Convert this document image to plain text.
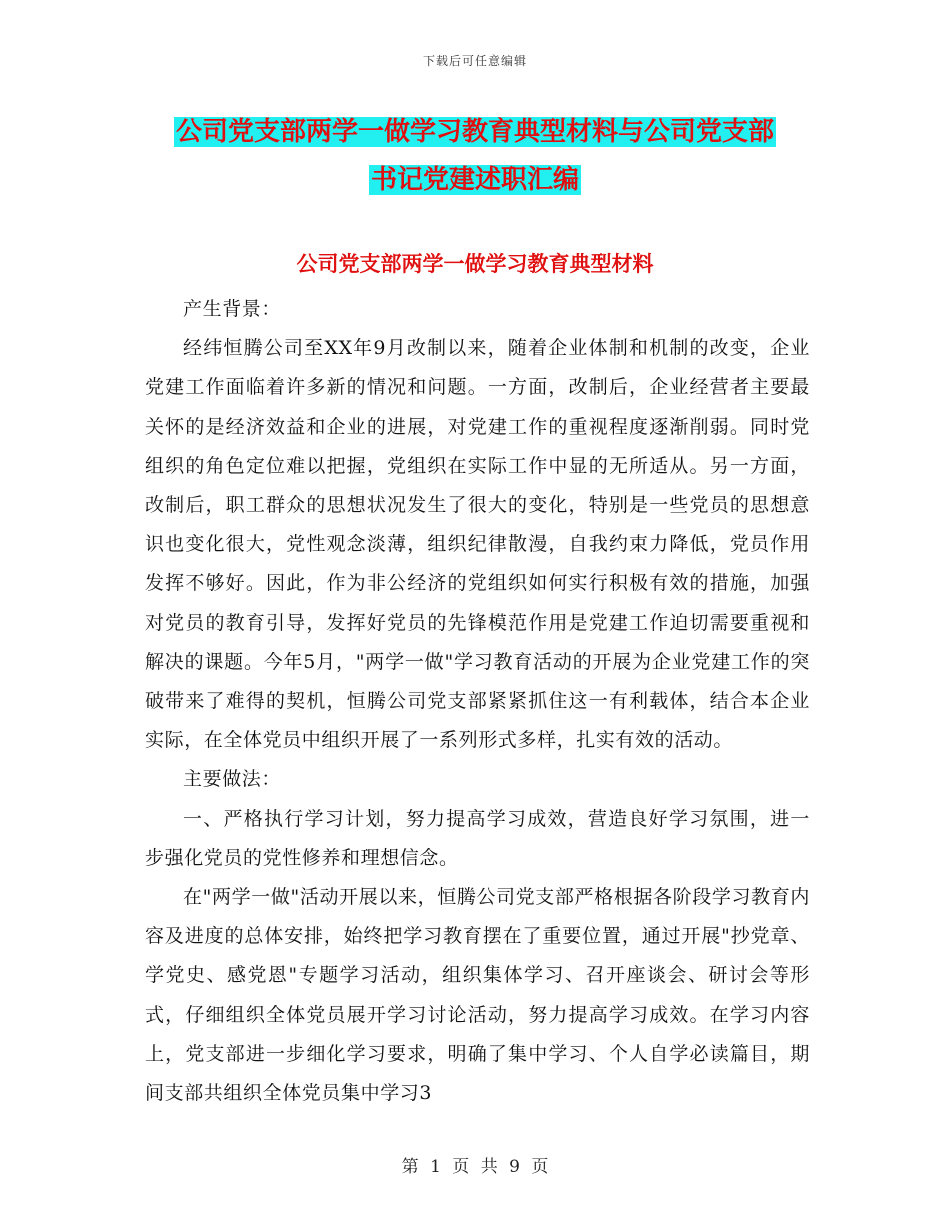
下载后可任意编辑
公司党支部两学一做学习教育典型材料与公司党支部
书记党建述职汇编
公司党支部两学一做学习教育典型材料

产生背景：

经纬恒腾公司至XX年9月改制以来，随着企业体制和机制的改变，企业党建工作面临着许多新的情况和问题。一方面，改制后，企业经营者主要最关怀的是经济效益和企业的进展，对党建工作的重视程度逐渐削弱。同时党组织的角色定位难以把握，党组织在实际工作中显的无所适从。另一方面，改制后，职工群众的思想状况发生了很大的变化，特别是一些党员的思想意识也变化很大，党性观念淡薄，组织纪律散漫，自我约束力降低，党员作用发挥不够好。因此，作为非公经济的党组织如何实行积极有效的措施，加强对党员的教育引导，发挥好党员的先锋模范作用是党建工作迫切需要重视和解决的课题。今年5月，"两学一做"学习教育活动的开展为企业党建工作的突破带来了难得的契机，恒腾公司党支部紧紧抓住这一有利载体，结合本企业实际，在全体党员中组织开展了一系列形式多样，扎实有效的活动。

主要做法：

一、严格执行学习计划，努力提高学习成效，营造良好学习氛围，进一步强化党员的党性修养和理想信念。

在"两学一做"活动开展以来，恒腾公司党支部严格根据各阶段学习教育内容及进度的总体安排，始终把学习教育摆在了重要位置，通过开展"抄党章、学党史、感党恩"专题学习活动，组织集体学习、召开座谈会、研讨会等形式，仔细组织全体党员展开学习讨论活动，努力提高学习成效。在学习内容上，党支部进一步细化学习要求，明确了集中学习、个人自学必读篇目，期间支部共组织全体党员集中学习3

第 1 页 共 9 页
